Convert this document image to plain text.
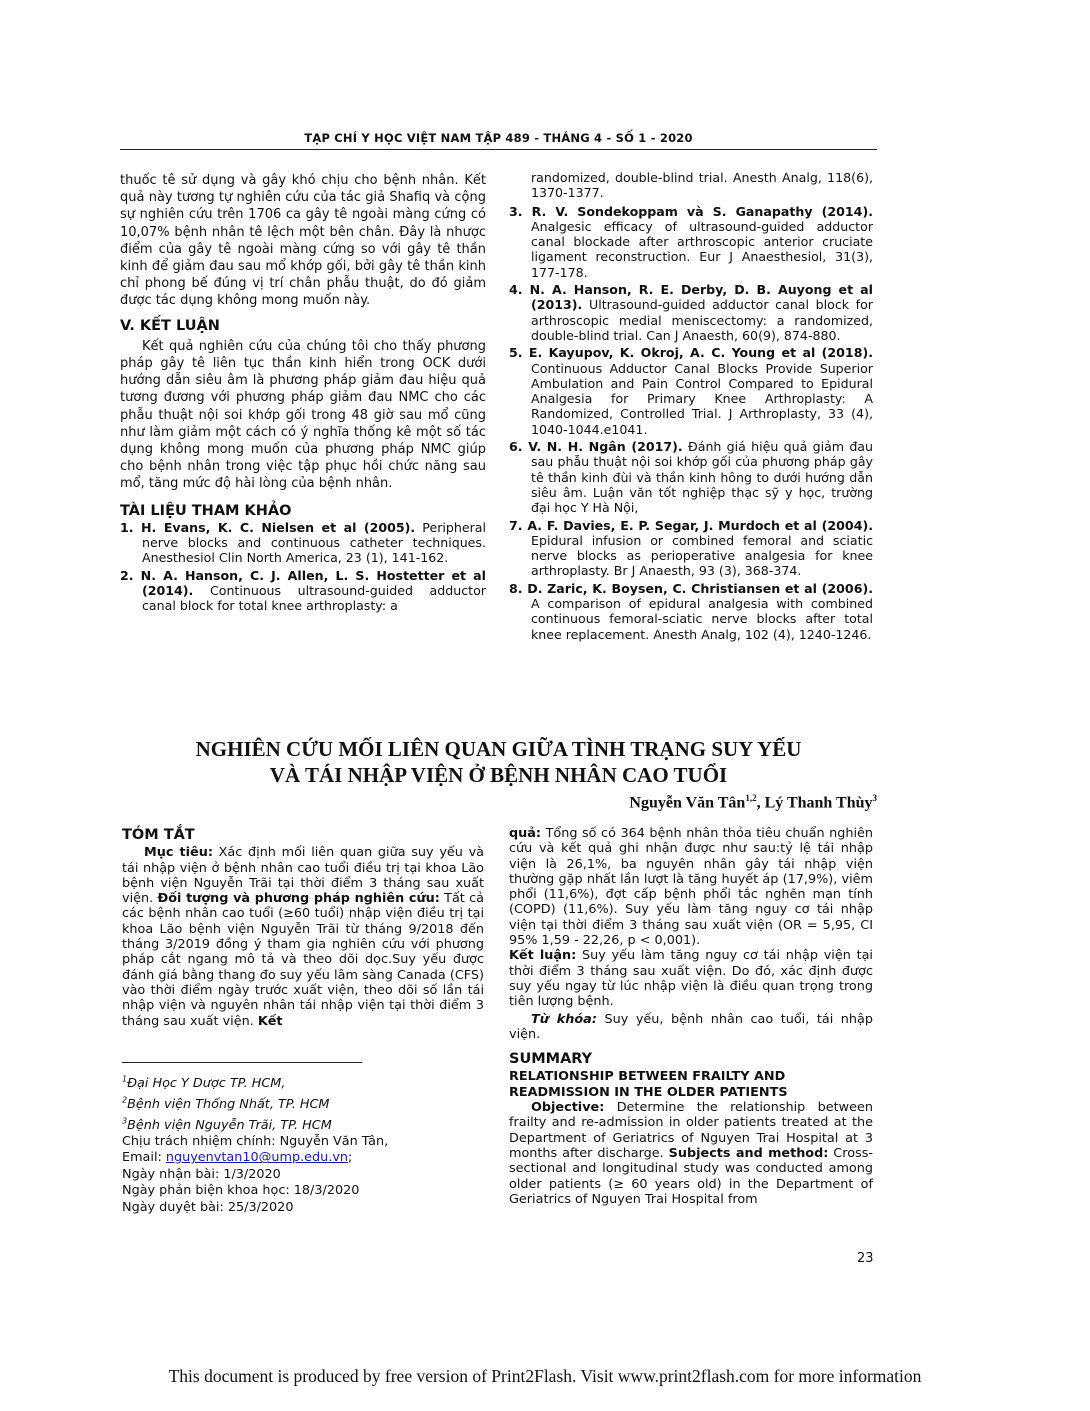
TẠP CHÍ Y HỌC VIỆT NAM TẬP 489 - THÁNG 4 - SỐ 1 - 2020

thuốc tê sử dụng và gây khó chịu cho bệnh nhân. Kết quả này tương tự nghiên cứu của tác giả Shafiq và cộng sự nghiên cứu trên 1706 ca gây tê ngoài màng cứng có 10,07% bệnh nhân tê lệch một bên chân. Đây là nhược điểm của gây tê ngoài màng cứng so với gây tê thần kinh để giảm đau sau mổ khớp gối, bởi gây tê thần kinh chỉ phong bế đúng vị trí chân phẫu thuật, do đó giảm được tác dụng không mong muốn này.

V. KẾT LUẬN

Kết quả nghiên cứu của chúng tôi cho thấy phương pháp gây tê liên tục thần kinh hiển trong OCK dưới hướng dẫn siêu âm là phương pháp giảm đau hiệu quả tương đương với phương pháp giảm đau NMC cho các phẫu thuật nội soi khớp gối trong 48 giờ sau mổ cũng như làm giảm một cách có ý nghĩa thống kê một số tác dụng không mong muốn của phương pháp NMC giúp cho bệnh nhân trong việc tập phục hồi chức năng sau mổ, tăng mức độ hài lòng của bệnh nhân.

TÀI LIỆU THAM KHẢO

1. H. Evans, K. C. Nielsen et al (2005). Peripheral nerve blocks and continuous catheter techniques. Anesthesiol Clin North America, 23 (1), 141-162.

2. N. A. Hanson, C. J. Allen, L. S. Hostetter et al (2014). Continuous ultrasound-guided adductor canal block for total knee arthroplasty: a

randomized, double-blind trial. Anesth Analg, 118(6), 1370-1377.

3. R. V. Sondekoppam và S. Ganapathy (2014). Analgesic efficacy of ultrasound-guided adductor canal blockade after arthroscopic anterior cruciate ligament reconstruction. Eur J Anaesthesiol, 31(3), 177-178.

4. N. A. Hanson, R. E. Derby, D. B. Auyong et al (2013). Ultrasound-guided adductor canal block for arthroscopic medial meniscectomy: a randomized, double-blind trial. Can J Anaesth, 60(9), 874-880.

5. E. Kayupov, K. Okroj, A. C. Young et al (2018). Continuous Adductor Canal Blocks Provide Superior Ambulation and Pain Control Compared to Epidural Analgesia for Primary Knee Arthroplasty: A Randomized, Controlled Trial. J Arthroplasty, 33 (4), 1040-1044.e1041.

6. V. N. H. Ngân (2017). Đánh giá hiệu quả giảm đau sau phẫu thuật nội soi khớp gối của phương pháp gây tê thần kinh đùi và thần kinh hông to dưới hướng dẫn siêu âm. Luận văn tốt nghiệp thạc sỹ y học, trường đại học Y Hà Nội,

7. A. F. Davies, E. P. Segar, J. Murdoch et al (2004). Epidural infusion or combined femoral and sciatic nerve blocks as perioperative analgesia for knee arthroplasty. Br J Anaesth, 93 (3), 368-374.

8. D. Zaric, K. Boysen, C. Christiansen et al (2006). A comparison of epidural analgesia with combined continuous femoral-sciatic nerve blocks after total knee replacement. Anesth Analg, 102 (4), 1240-1246.

NGHIÊN CỨU MỐI LIÊN QUAN GIỮA TÌNH TRẠNG SUY YẾU
VÀ TÁI NHẬP VIỆN Ở BỆNH NHÂN CAO TUỔI
Nguyễn Văn Tân$^{1,2}$, Lý Thanh Thùy$^3$

TÓM TẮT

Mục tiêu: Xác định mối liên quan giữa suy yếu và tái nhập viện ở bệnh nhân cao tuổi điều trị tại khoa Lão bệnh viện Nguyễn Trãi tại thời điểm 3 tháng sau xuất viện. Đối tượng và phương pháp nghiên cứu: Tất cả các bệnh nhân cao tuổi (≥60 tuổi) nhập viện điều trị tại khoa Lão bệnh viện Nguyễn Trãi từ tháng 9/2018 đến tháng 3/2019 đồng ý tham gia nghiên cứu với phương pháp cắt ngang mô tả và theo dõi dọc.Suy yếu được đánh giá bằng thang đo suy yếu lâm sàng Canada (CFS) vào thời điểm ngày trước xuất viện, theo dõi số lần tái nhập viện và nguyên nhân tái nhập viện tại thời điểm 3 tháng sau xuất viện. Kết

quả: Tổng số có 364 bệnh nhân thỏa tiêu chuẩn nghiên cứu và kết quả ghi nhận được như sau:tỷ lệ tái nhập viện là 26,1%, ba nguyên nhân gây tái nhập viện thường gặp nhất lần lượt là tăng huyết áp (17,9%), viêm phổi (11,6%), đợt cấp bệnh phổi tắc nghẽn mạn tính (COPD) (11,6%). Suy yếu làm tăng nguy cơ tái nhập viện tại thời điểm 3 tháng sau xuất viện (OR = 5,95, CI 95% 1,59 - 22,26, p < 0,001).
Kết luận: Suy yếu làm tăng nguy cơ tái nhập viện tại thời điểm 3 tháng sau xuất viện. Do đó, xác định được suy yếu ngay từ lúc nhập viện là điều quan trọng trong tiên lượng bệnh.

Từ khóa: Suy yếu, bệnh nhân cao tuổi, tái nhập viện.

SUMMARY

RELATIONSHIP BETWEEN FRAILTY AND
READMISSION IN THE OLDER PATIENTS

Objective: Determine the relationship between frailty and re-admission in older patients treated at the Department of Geriatrics of Nguyen Trai Hospital at 3 months after discharge. Subjects and method: Cross-sectional and longitudinal study was conducted among older patients (≥ 60 years old) in the Department of Geriatrics of Nguyen Trai Hospital from

$^1$Đại Học Y Dược TP. HCM,

$^2$Bệnh viện Thống Nhất, TP. HCM

$^3$Bệnh viện Nguyễn Trãi, TP. HCM

Chịu trách nhiệm chính: Nguyễn Văn Tân,

Email: nguyenvtan10@ump.edu.vn;

Ngày nhận bài: 1/3/2020

Ngày phản biện khoa học: 18/3/2020

Ngày duyệt bài: 25/3/2020

23
This document is produced by free version of Print2Flash. Visit www.print2flash.com for more information
